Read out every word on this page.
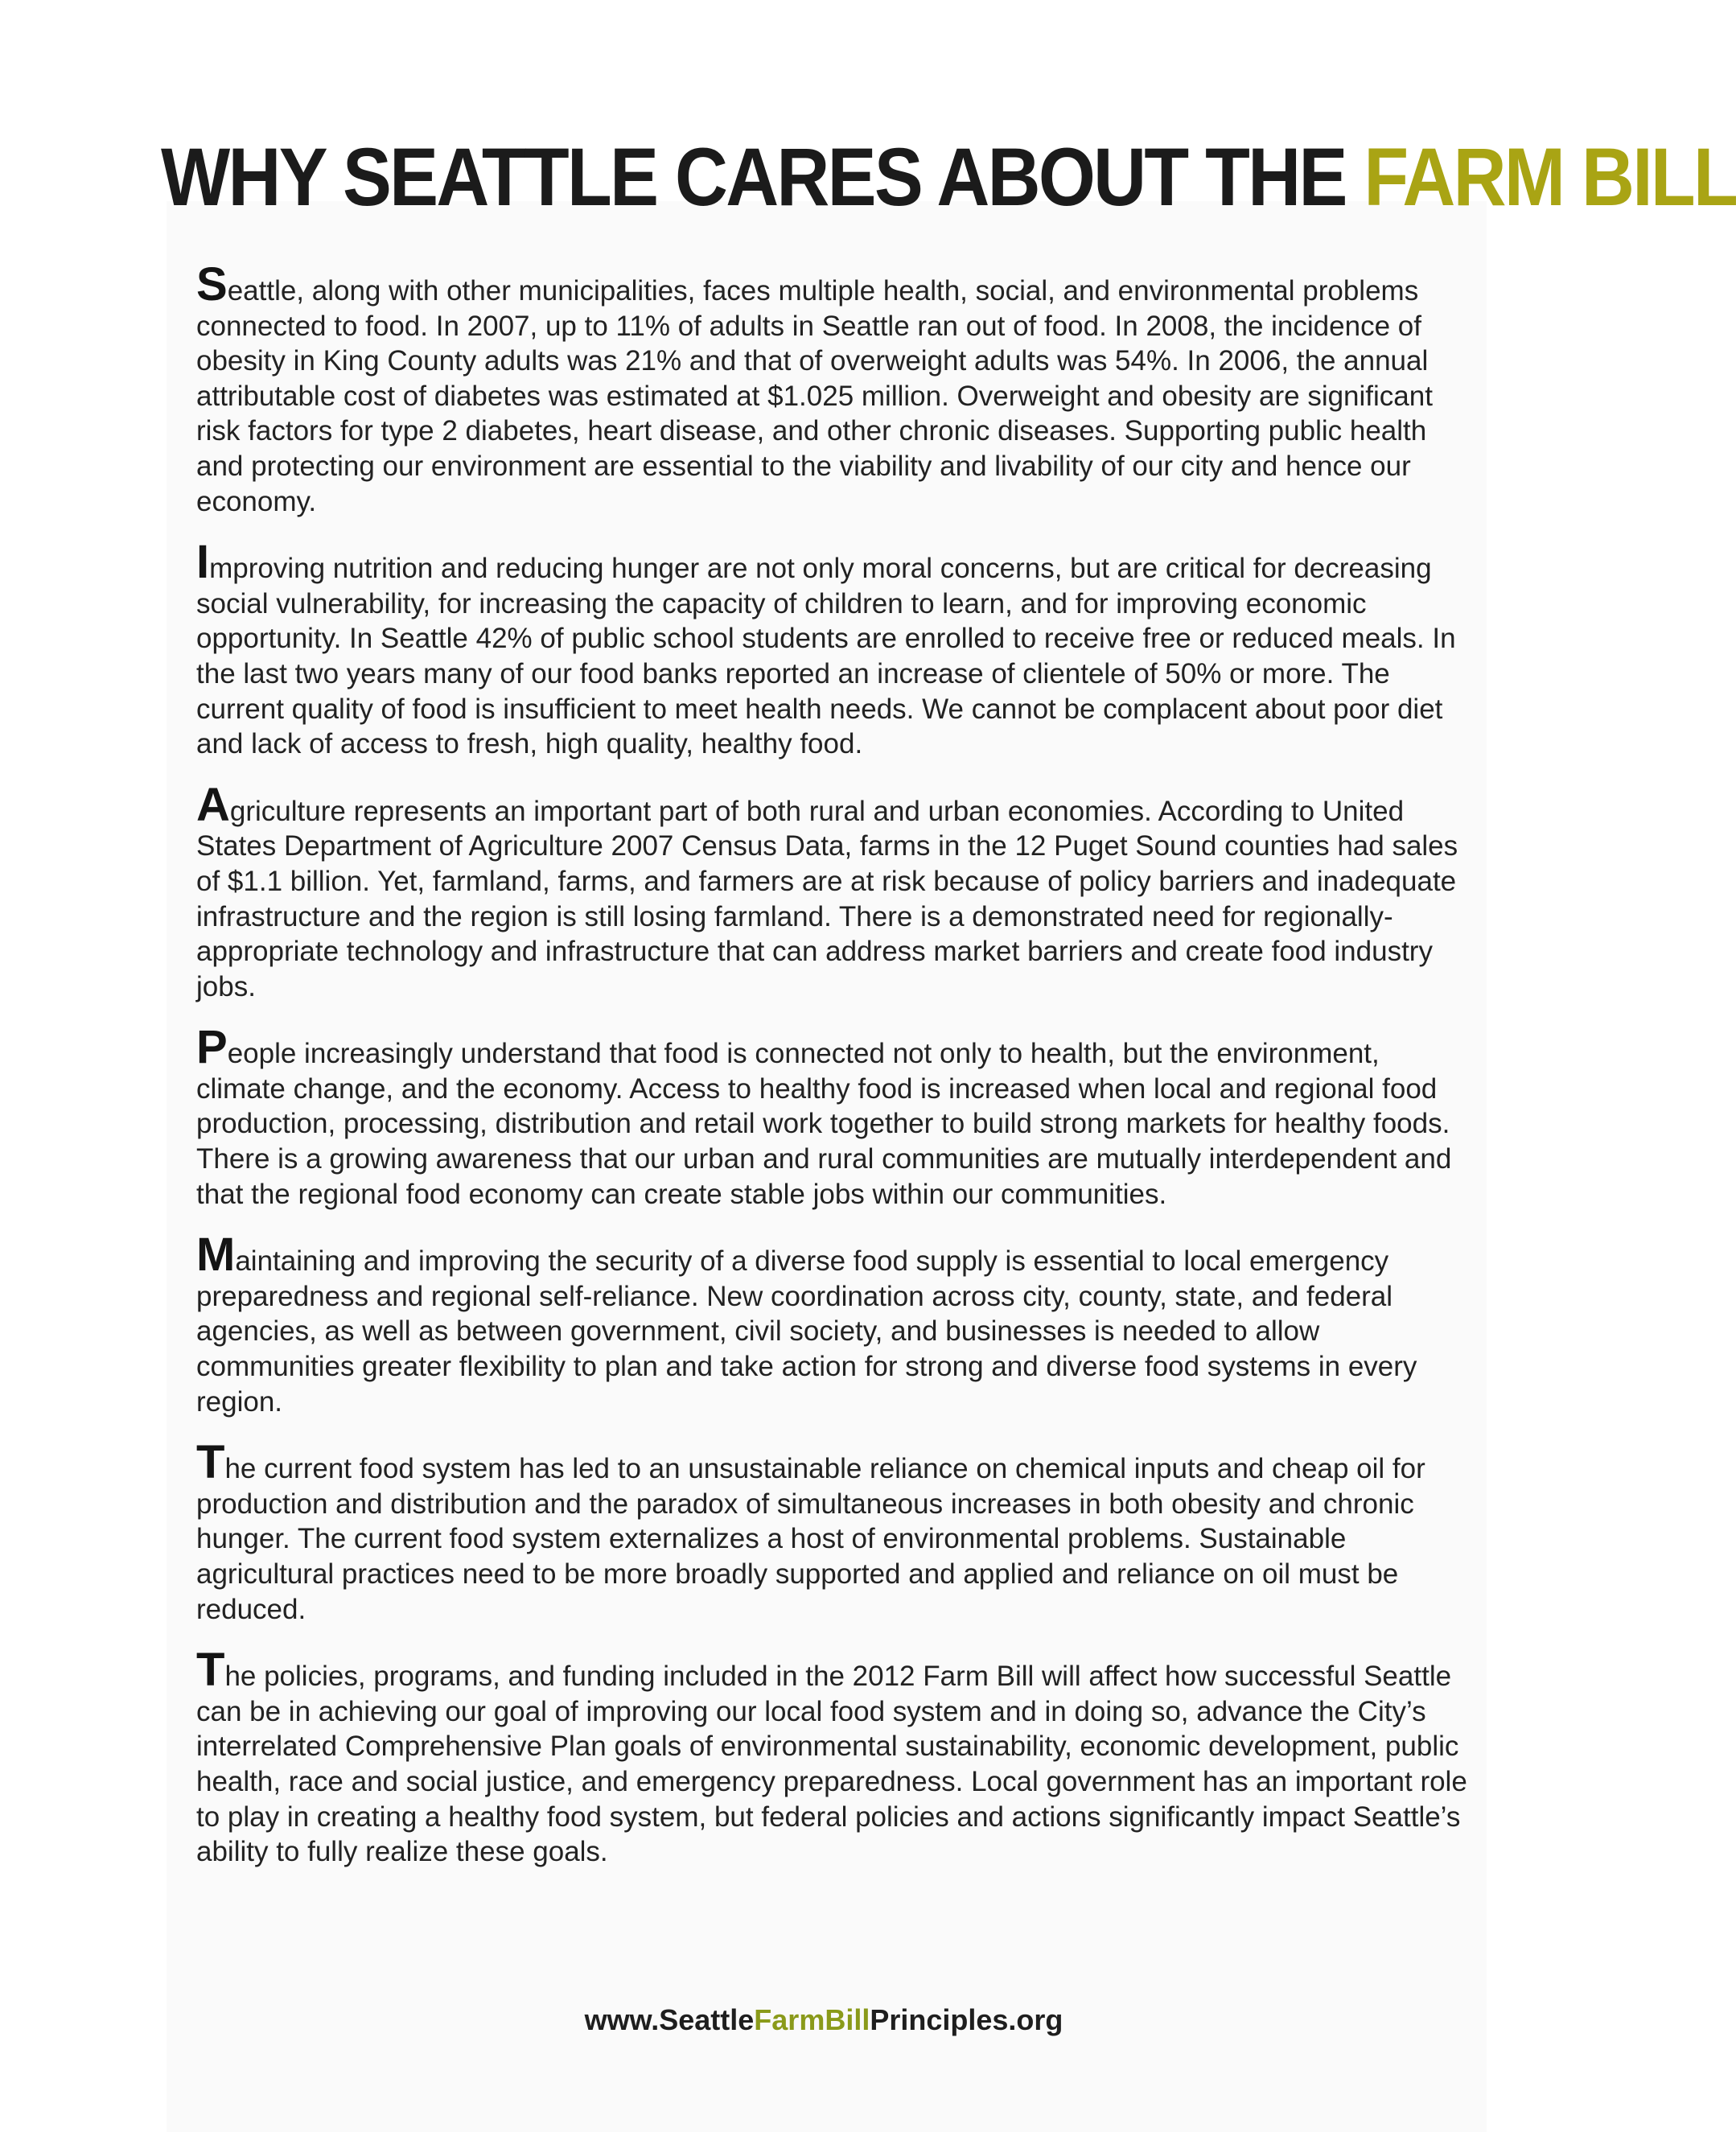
WHY SEATTLE CARES ABOUT THE FARM BILL

Seattle, along with other municipalities, faces multiple health, social, and environmental problems connected to food. In 2007, up to 11% of adults in Seattle ran out of food. In 2008, the incidence of obesity in King County adults was 21% and that of overweight adults was 54%. In 2006, the annual attributable cost of diabetes was estimated at $1.025 million. Overweight and obesity are significant risk factors for type 2 diabetes, heart disease, and other chronic diseases. Supporting public health and protecting our environment are essential to the viability and livability of our city and hence our economy.

Improving nutrition and reducing hunger are not only moral concerns, but are critical for decreasing social vulnerability, for increasing the capacity of children to learn, and for improving economic opportunity. In Seattle 42% of public school students are enrolled to receive free or reduced meals. In the last two years many of our food banks reported an increase of clientele of 50% or more. The current quality of food is insufficient to meet health needs. We cannot be complacent about poor diet and lack of access to fresh, high quality, healthy food.

Agriculture represents an important part of both rural and urban economies. According to United States Department of Agriculture 2007 Census Data, farms in the 12 Puget Sound counties had sales of $1.1 billion. Yet, farmland, farms, and farmers are at risk because of policy barriers and inadequate infrastructure and the region is still losing farmland. There is a demonstrated need for regionally-appropriate technology and infrastructure that can address market barriers and create food industry jobs.

People increasingly understand that food is connected not only to health, but the environment, climate change, and the economy. Access to healthy food is increased when local and regional food production, processing, distribution and retail work together to build strong markets for healthy foods. There is a growing awareness that our urban and rural communities are mutually interdependent and that the regional food economy can create stable jobs within our communities.

Maintaining and improving the security of a diverse food supply is essential to local emergency preparedness and regional self-reliance. New coordination across city, county, state, and federal agencies, as well as between government, civil society, and businesses is needed to allow communities greater flexibility to plan and take action for strong and diverse food systems in every region.

The current food system has led to an unsustainable reliance on chemical inputs and cheap oil for production and distribution and the paradox of simultaneous increases in both obesity and chronic hunger. The current food system externalizes a host of environmental problems. Sustainable agricultural practices need to be more broadly supported and applied and reliance on oil must be reduced.

The policies, programs, and funding included in the 2012 Farm Bill will affect how successful Seattle can be in achieving our goal of improving our local food system and in doing so, advance the City’s interrelated Comprehensive Plan goals of environmental sustainability, economic development, public health, race and social justice, and emergency preparedness. Local government has an important role to play in creating a healthy food system, but federal policies and actions significantly impact Seattle’s ability to fully realize these goals.

www.SeattleFarmBillPrinciples.org
